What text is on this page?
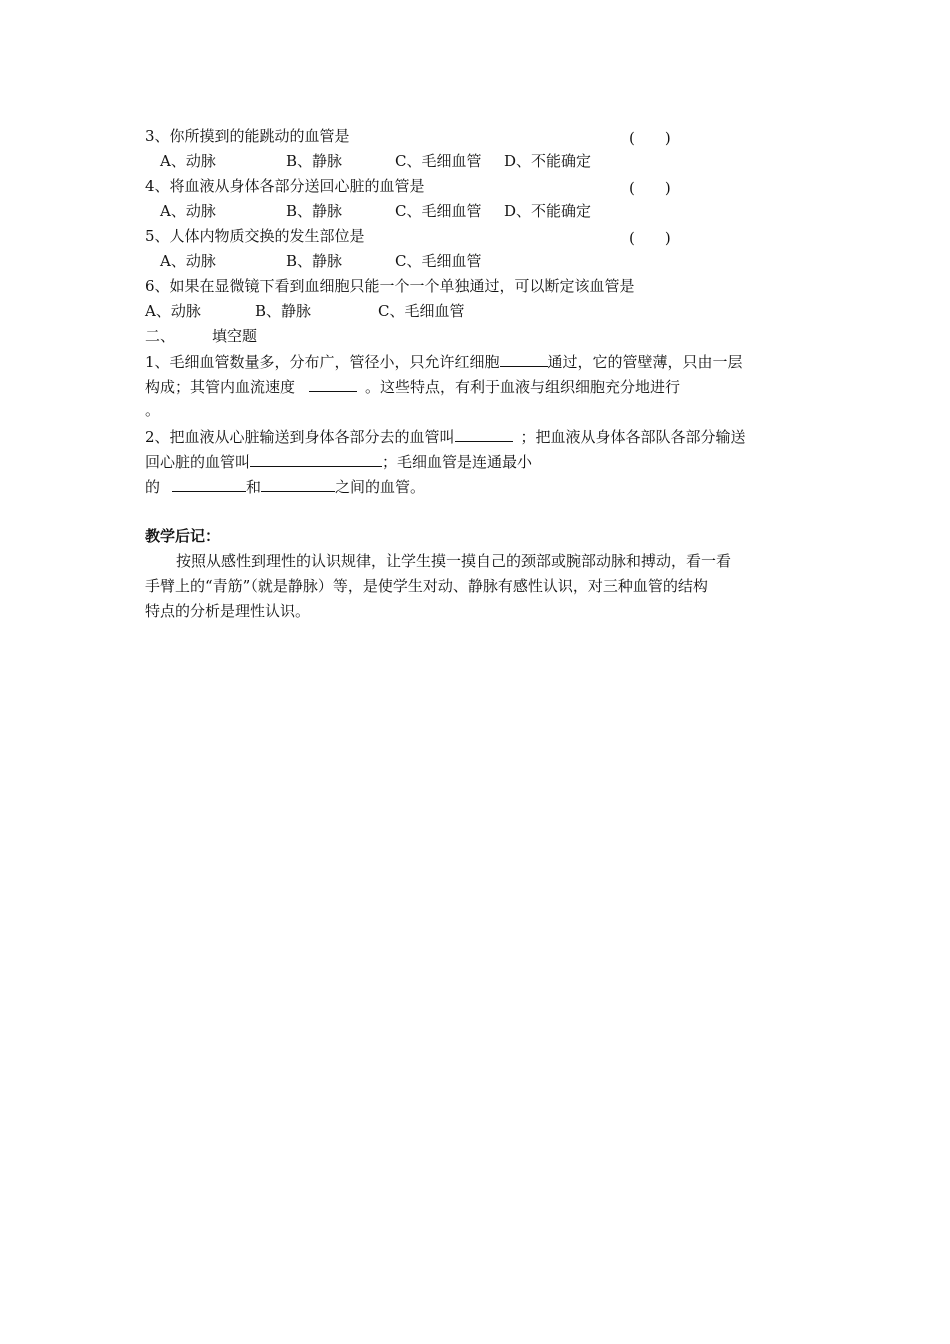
3、你所摸到的能跳动的血管是	(　　)
A、动脉	B、静脉	C、毛细血管 D、不能确定
4、将血液从身体各部分送回心脏的血管是	(　　)
A、动脉	B、静脉	C、毛细血管 D、不能确定
5、人体内物质交换的发生部位是	(　　)
A、动脉	B、静脉	C、毛细血管
6、如果在显微镜下看到血细胞只能一个一个单独通过，可以断定该血管是
A、动脉	B、静脉	C、毛细血管
二、 填空题
1、毛细血管数量多，分布广，管径小，只允许红细胞	通过，它的管壁薄，只由一层
构成；其管内血流速度	。这些特点，有利于血液与组织细胞充分地进行
。
2、把血液从心脏输送到身体各部分去的血管叫	；把血液从身体各部队各部分输送
回心脏的血管叫	；毛细血管是连通最小
的	和	之间的血管。
教学后记：
按照从感性到理性的认识规律，让学生摸一摸自己的颈部或腕部动脉和搏动，看一看
手臂上的“青筋”（就是静脉）等，是使学生对动、静脉有感性认识，对三种血管的结构
特点的分析是理性认识。
